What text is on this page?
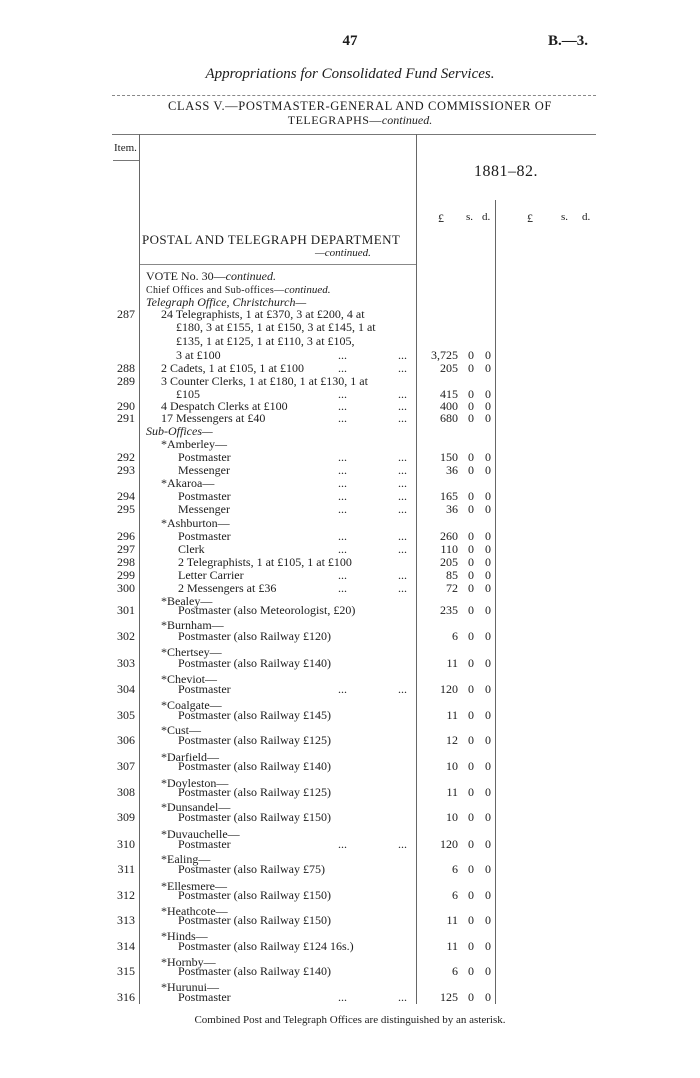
47	B.—3.
Appropriations for Consolidated Fund Services.
CLASS V.—POSTMASTER-GENERAL AND COMMISSIONER OF
TELEGRAPHS—continued.
Item.
1881–82.
£ s. d.	£	s. d.
POSTAL AND TELEGRAPH DEPARTMENT
—continued.
VOTE No. 30—continued.
Chief Offices and Sub-offices—continued.
Telegraph Office, Christchurch—
287 24 Telegraphists, 1 at £370, 3 at £200, 4 at
£180, 3 at £155, 1 at £150, 3 at £145, 1 at
£135, 1 at £125, 1 at £110, 3 at £105,
3 at £100	...	...	3,725 0 0
288 2 Cadets, 1 at £105, 1 at £100	...	...	205 0 0
289 3 Counter Clerks, 1 at £180, 1 at £130, 1 at
£105	...	...	415 0 0
290 4 Despatch Clerks at £100	...	...	400 0 0
291 17 Messengers at £40	...	...	680 0 0
Sub-Offices—
*Amberley—
292	Postmaster	...	...	150 0 0
293	Messenger	...	...	36 0 0
*Akaroa—	...	...
294	Postmaster	...	...	165 0 0
295	Messenger	...	...	36 0 0
*Ashburton—
296	Postmaster	...	...	260 0 0
297	Clerk	...	...	110 0 0
298	2 Telegraphists, 1 at £105, 1 at £100	205 0 0
299	Letter Carrier	...	...	85 0 0
300	2 Messengers at £36	...	...	72 0 0
*Bealey—
301	Postmaster (also Meteorologist, £20)	235 0 0
*Burnham—
302	Postmaster (also Railway £120)	6 0 0
*Chertsey—
303	Postmaster (also Railway £140)	11 0 0
*Cheviot—
304	Postmaster	...	...	120 0 0
*Coalgate—
305	Postmaster (also Railway £145)	11 0 0
*Cust—
306	Postmaster (also Railway £125)	12 0 0
*Darfield—
307	Postmaster (also Railway £140)	10 0 0
*Doyleston—
308	Postmaster (also Railway £125)	11 0 0
*Dunsandel—
309	Postmaster (also Railway £150)	10 0 0
*Duvauchelle—
310	Postmaster	...	...	120 0 0
*Ealing—
311	Postmaster (also Railway £75)	6 0 0
*Ellesmere—
312	Postmaster (also Railway £150)	6 0 0
*Heathcote—
313	Postmaster (also Railway £150)	11 0 0
*Hinds—
314	Postmaster (also Railway £124 16s.)	11 0 0
*Hornby—
315	Postmaster (also Railway £140)	6 0 0
*Hurunui—
316	Postmaster	...	...	125 0 0
Combined Post and Telegraph Offices are distinguished by an asterisk.
